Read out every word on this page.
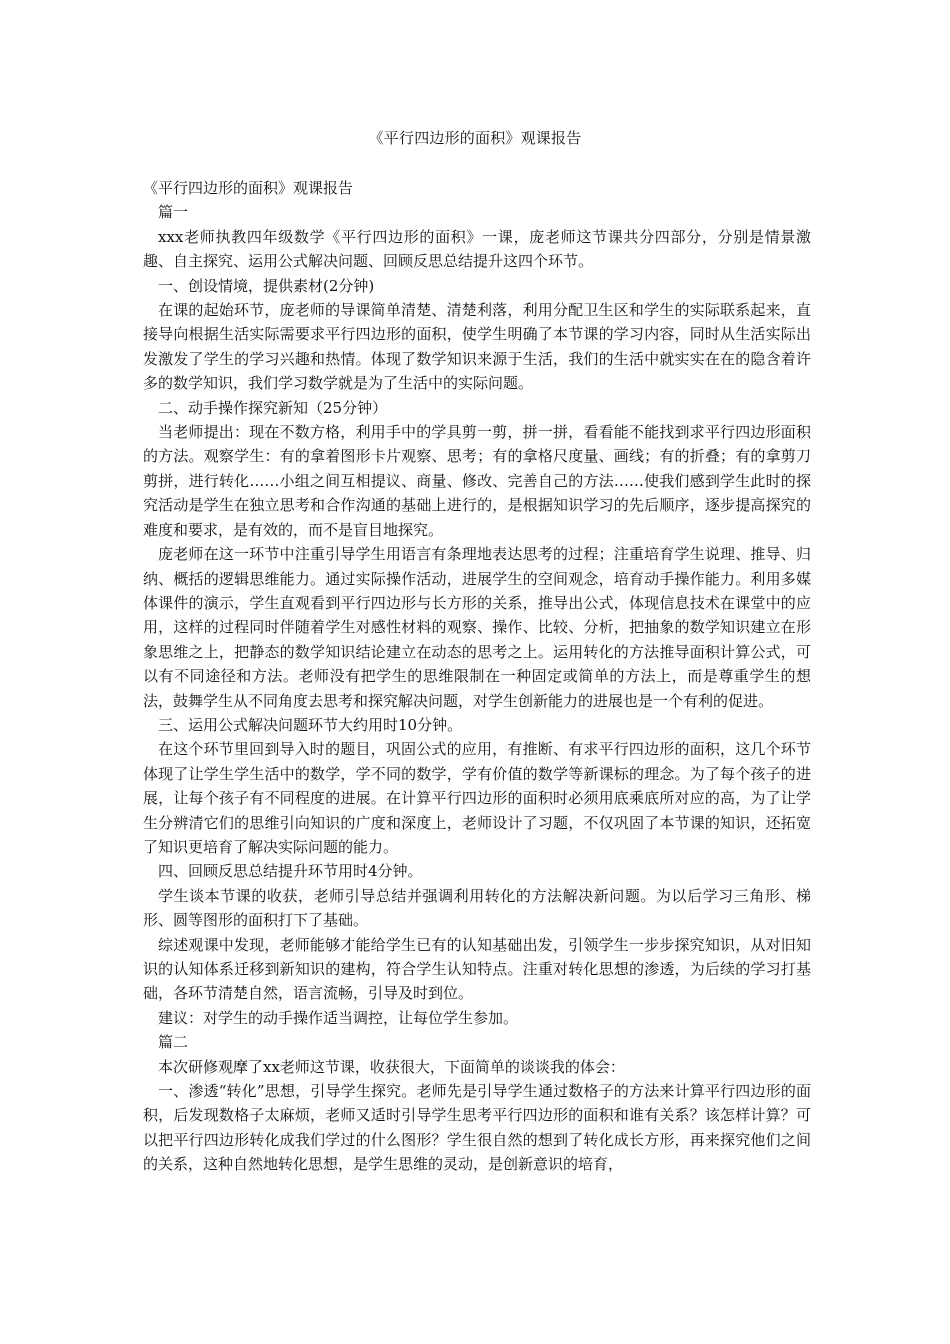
《平行四边形的面积》观课报告

《平行四边形的面积》观课报告

篇一

xxx老师执教四年级数学《平行四边形的面积》一课，庞老师这节课共分四部分，分别是情景激趣、自主探究、运用公式解决问题、回顾反思总结提升这四个环节。

一、创设情境，提供素材(2分钟)

在课的起始环节，庞老师的导课简单清楚、清楚利落，利用分配卫生区和学生的实际联系起来，直接导向根据生活实际需要求平行四边形的面积，使学生明确了本节课的学习内容，同时从生活实际出发激发了学生的学习兴趣和热情。体现了数学知识来源于生活，我们的生活中就实实在在的隐含着许多的数学知识，我们学习数学就是为了生活中的实际问题。

二、动手操作探究新知（25分钟）

当老师提出：现在不数方格，利用手中的学具剪一剪，拼一拼，看看能不能找到求平行四边形面积的方法。观察学生：有的拿着图形卡片观察、思考；有的拿格尺度量、画线；有的折叠；有的拿剪刀剪拼，进行转化……小组之间互相提议、商量、修改、完善自己的方法……使我们感到学生此时的探究活动是学生在独立思考和合作沟通的基础上进行的，是根据知识学习的先后顺序，逐步提高探究的难度和要求，是有效的，而不是盲目地探究。

庞老师在这一环节中注重引导学生用语言有条理地表达思考的过程；注重培育学生说理、推导、归纳、概括的逻辑思维能力。通过实际操作活动，进展学生的空间观念，培育动手操作能力。利用多媒体课件的演示，学生直观看到平行四边形与长方形的关系，推导出公式，体现信息技术在课堂中的应用，这样的过程同时伴随着学生对感性材料的观察、操作、比较、分析，把抽象的数学知识建立在形象思维之上，把静态的数学知识结论建立在动态的思考之上。运用转化的方法推导面积计算公式，可以有不同途径和方法。老师没有把学生的思维限制在一种固定或简单的方法上，而是尊重学生的想法，鼓舞学生从不同角度去思考和探究解决问题，对学生创新能力的进展也是一个有利的促进。

三、运用公式解决问题环节大约用时10分钟。

在这个环节里回到导入时的题目，巩固公式的应用，有推断、有求平行四边形的面积，这几个环节体现了让学生学生活中的数学，学不同的数学，学有价值的数学等新课标的理念。为了每个孩子的进展，让每个孩子有不同程度的进展。在计算平行四边形的面积时必须用底乘底所对应的高，为了让学生分辨清它们的思维引向知识的广度和深度上，老师设计了习题，不仅巩固了本节课的知识，还拓宽了知识更培育了解决实际问题的能力。

四、回顾反思总结提升环节用时4分钟。

学生谈本节课的收获，老师引导总结并强调利用转化的方法解决新问题。为以后学习三角形、梯形、圆等图形的面积打下了基础。

综述观课中发现，老师能够才能给学生已有的认知基础出发，引领学生一步步探究知识，从对旧知识的认知体系迁移到新知识的建构，符合学生认知特点。注重对转化思想的渗透，为后续的学习打基础，各环节清楚自然，语言流畅，引导及时到位。

建议：对学生的动手操作适当调控，让每位学生参加。

篇二

本次研修观摩了xx老师这节课，收获很大，下面简单的谈谈我的体会：

一、渗透“转化”思想，引导学生探究。老师先是引导学生通过数格子的方法来计算平行四边形的面积，后发现数格子太麻烦，老师又适时引导学生思考平行四边形的面积和谁有关系？该怎样计算？可以把平行四边形转化成我们学过的什么图形？学生很自然的想到了转化成长方形，再来探究他们之间的关系，这种自然地转化思想，是学生思维的灵动，是创新意识的培育，
